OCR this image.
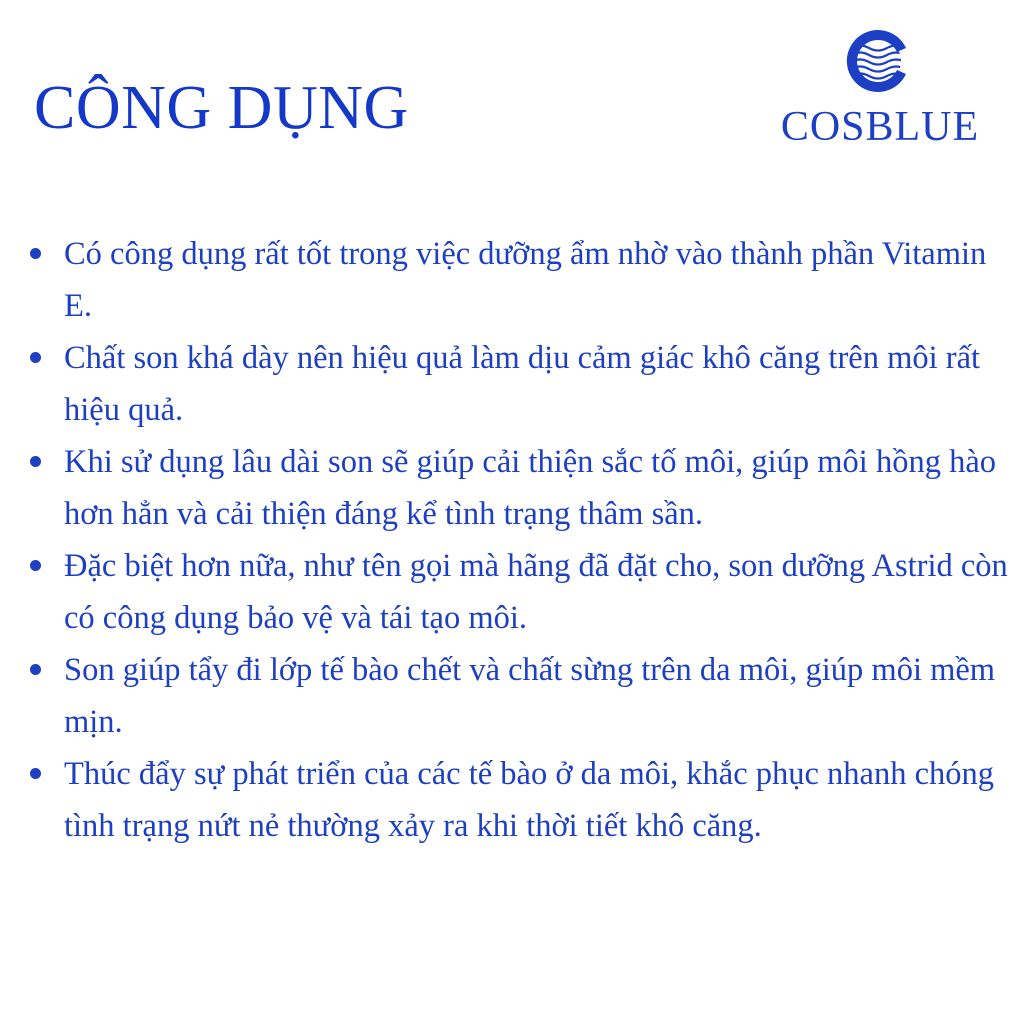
CÔNG DỤNG	COSBLUE
Có công dụng rất tốt trong việc dưỡng ẩm nhờ vào thành phần Vitamin E.
Chất son khá dày nên hiệu quả làm dịu cảm giác khô căng trên môi rất hiệu quả.
Khi sử dụng lâu dài son sẽ giúp cải thiện sắc tố môi, giúp môi hồng hào hơn hẳn và cải thiện đáng kể tình trạng thâm sần.
Đặc biệt hơn nữa, như tên gọi mà hãng đã đặt cho, son dưỡng Astrid còn có công dụng bảo vệ và tái tạo môi.
Son giúp tẩy đi lớp tế bào chết và chất sừng trên da môi, giúp môi mềm mịn.
Thúc đẩy sự phát triển của các tế bào ở da môi, khắc phục nhanh chóng tình trạng nứt nẻ thường xảy ra khi thời tiết khô căng.
